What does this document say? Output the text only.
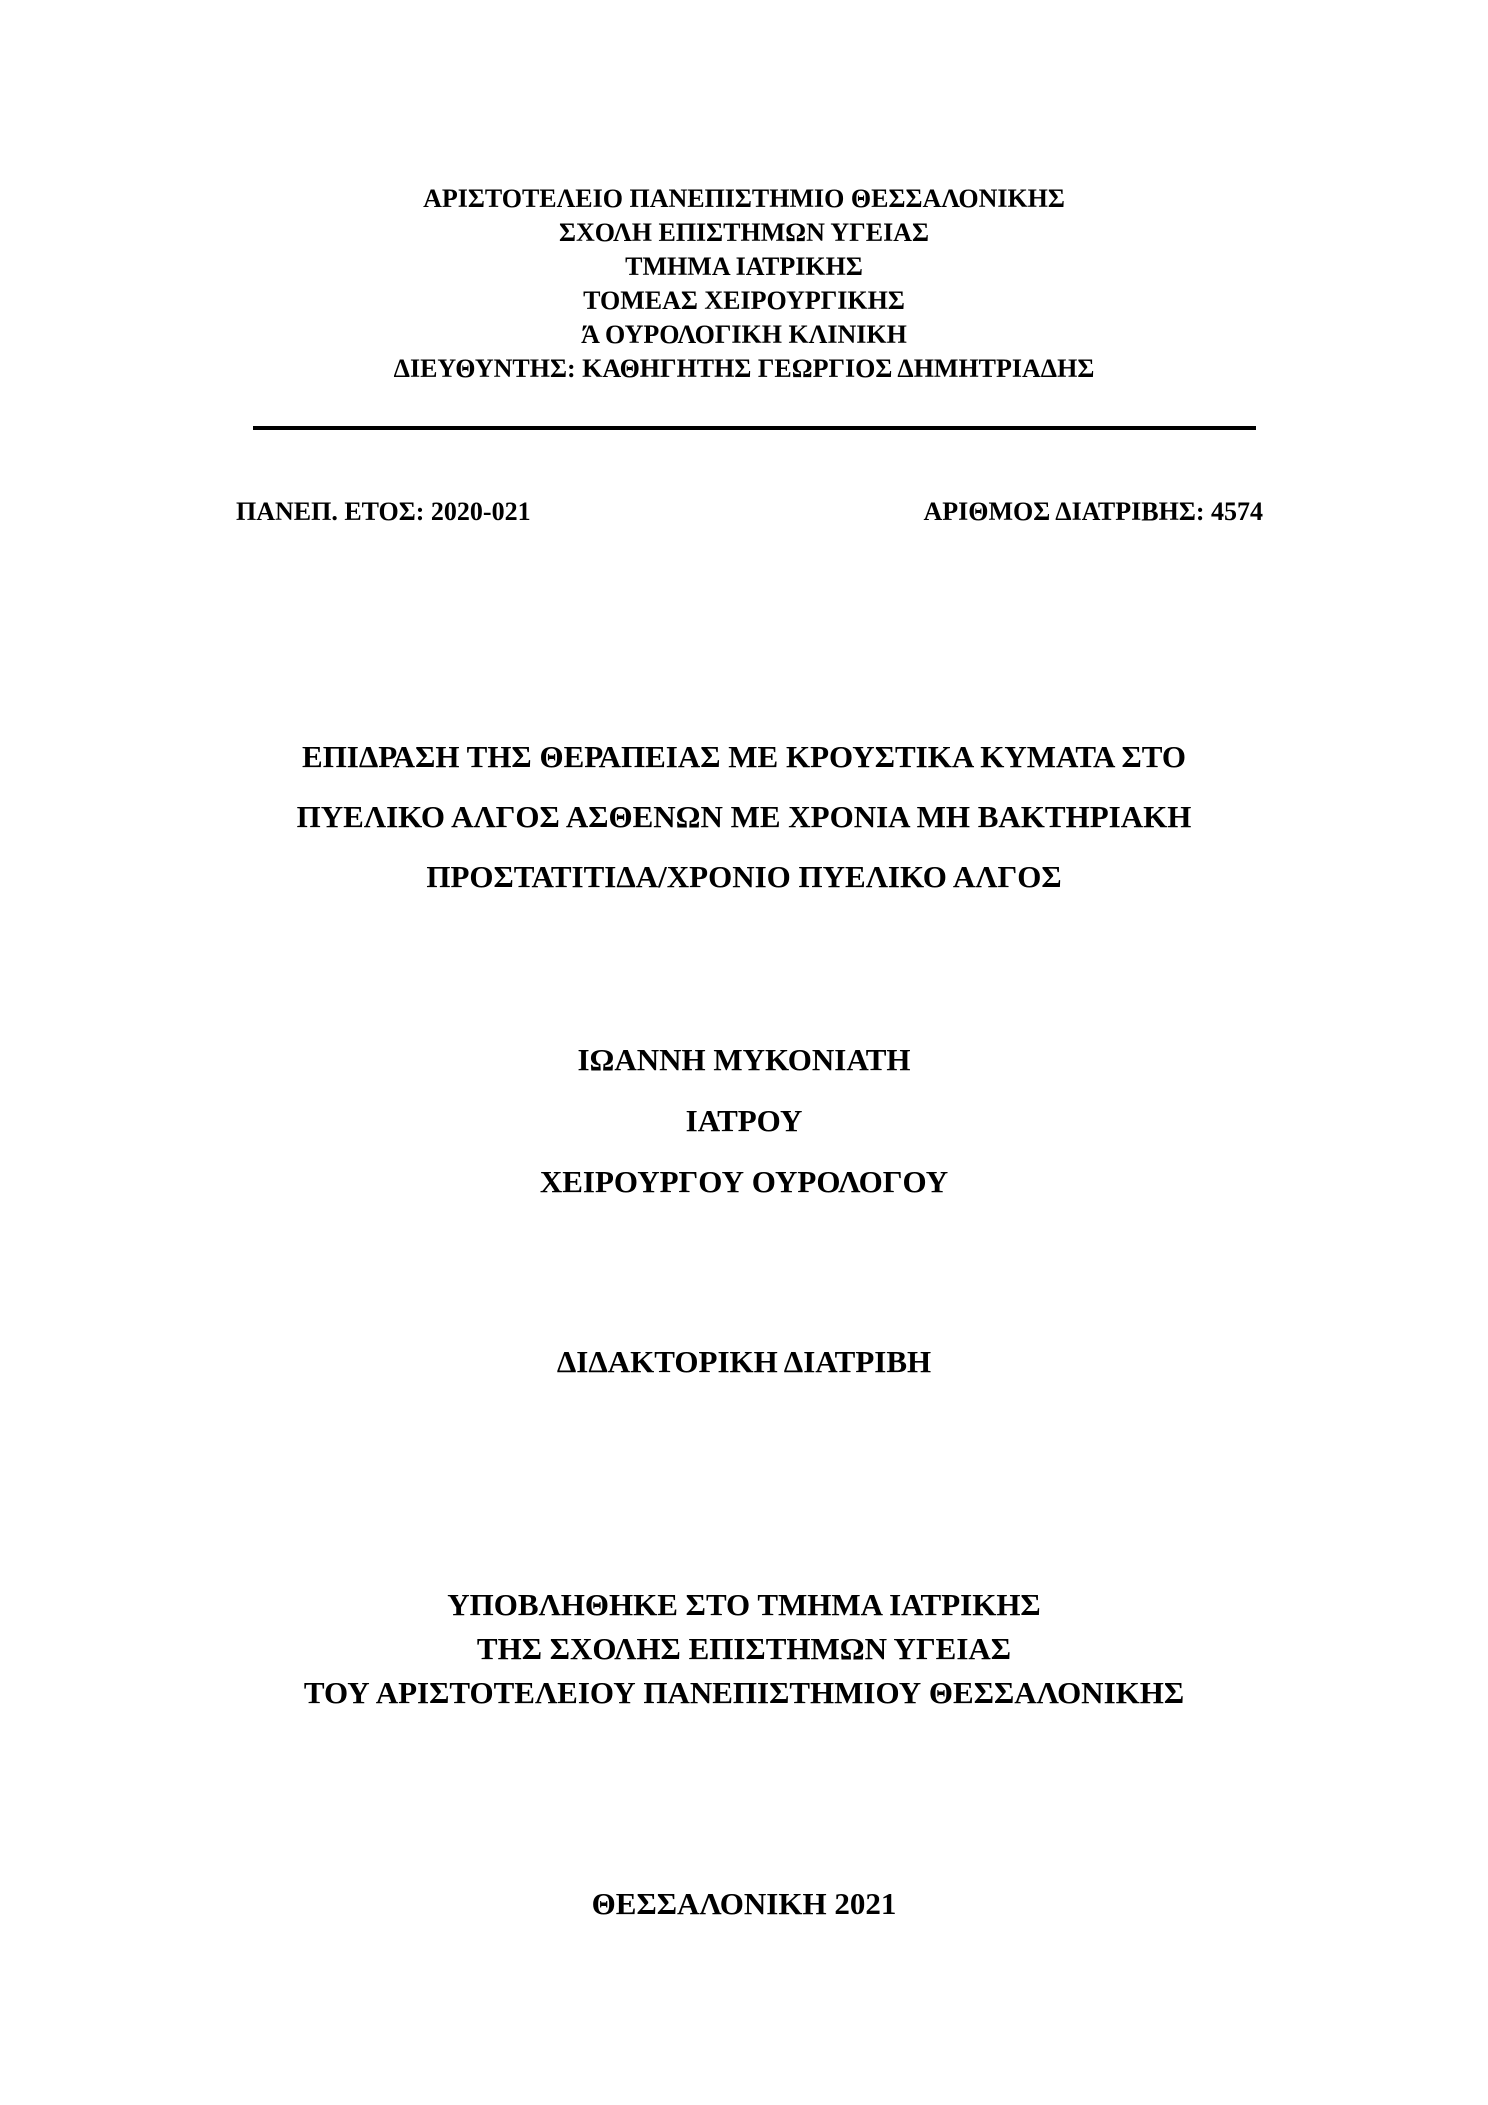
ΑΡΙΣΤΟΤΕΛΕΙΟ ΠΑΝΕΠΙΣΤΗΜΙΟ ΘΕΣΣΑΛΟΝΙΚΗΣ
ΣΧΟΛΗ ΕΠΙΣΤΗΜΩΝ ΥΓΕΙΑΣ
ΤΜΗΜΑ ΙΑΤΡΙΚΗΣ
ΤΟΜΕΑΣ ΧΕΙΡΟΥΡΓΙΚΗΣ
Ά ΟΥΡΟΛΟΓΙΚΗ ΚΛΙΝΙΚΗ
ΔΙΕΥΘΥΝΤΗΣ: ΚΑΘΗΓΗΤΗΣ ΓΕΩΡΓΙΟΣ ΔΗΜΗΤΡΙΑΔΗΣ
ΠΑΝΕΠ. ΕΤΟΣ: 2020-021	ΑΡΙΘΜΟΣ ΔΙΑΤΡΙΒΗΣ: 4574
ΕΠΙΔΡΑΣΗ ΤΗΣ ΘΕΡΑΠΕΙΑΣ ΜΕ ΚΡΟΥΣΤΙΚΑ ΚΥΜΑΤΑ ΣΤΟ
ΠΥΕΛΙΚΟ ΑΛΓΟΣ ΑΣΘΕΝΩΝ ΜΕ ΧΡΟΝΙΑ ΜΗ ΒΑΚΤΗΡΙΑΚΗ
ΠΡΟΣΤΑΤΙΤΙΔΑ/ΧΡΟΝΙΟ ΠΥΕΛΙΚΟ ΑΛΓΟΣ
ΙΩΑΝΝΗ ΜΥΚΟΝΙΑΤΗ
ΙΑΤΡΟΥ
ΧΕΙΡΟΥΡΓΟΥ ΟΥΡΟΛΟΓΟΥ
ΔΙΔΑΚΤΟΡΙΚΗ ΔΙΑΤΡΙΒΗ
ΥΠΟΒΛΗΘΗΚΕ ΣΤΟ ΤΜΗΜΑ ΙΑΤΡΙΚΗΣ
ΤΗΣ ΣΧΟΛΗΣ ΕΠΙΣΤΗΜΩΝ ΥΓΕΙΑΣ
ΤΟΥ ΑΡΙΣΤΟΤΕΛΕΙΟΥ ΠΑΝΕΠΙΣΤΗΜΙΟΥ ΘΕΣΣΑΛΟΝΙΚΗΣ
ΘΕΣΣΑΛΟΝΙΚΗ 2021
